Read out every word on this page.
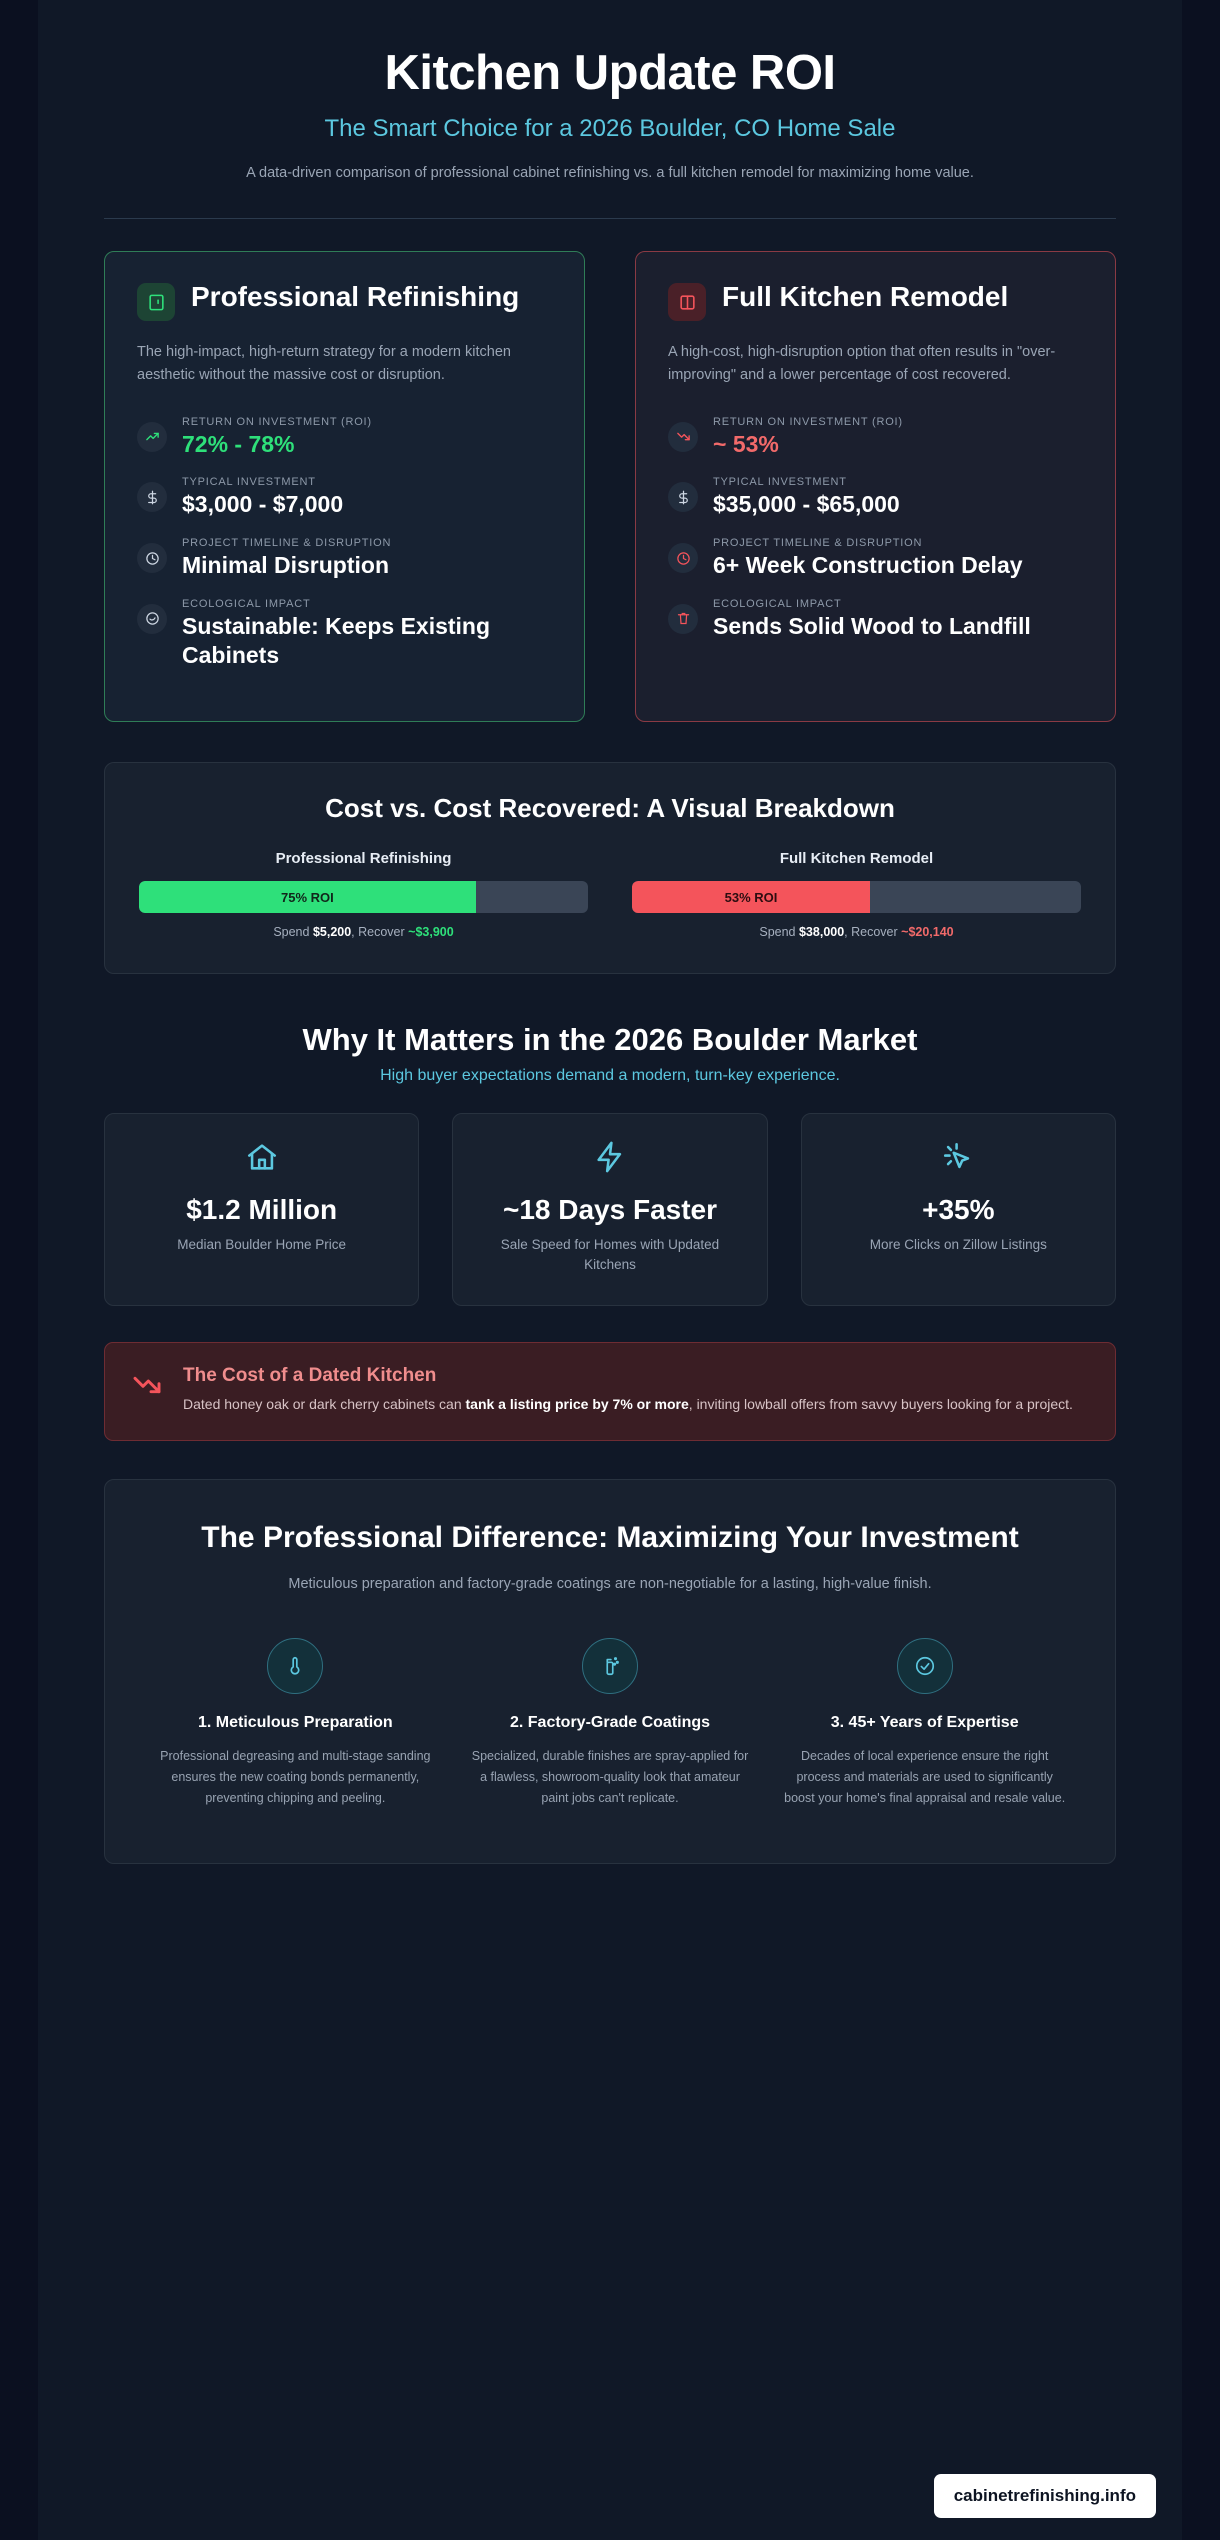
Kitchen Update ROI
The Smart Choice for a 2026 Boulder, CO Home Sale

A data-driven comparison of professional cabinet refinishing vs. a full kitchen remodel for maximizing home value.

Professional Refinishing
The high-impact, high-return strategy for a modern kitchen aesthetic without the massive cost or disruption.
RETURN ON INVESTMENT (ROI)
72% - 78%
TYPICAL INVESTMENT
$3,000 - $7,000
PROJECT TIMELINE & DISRUPTION
Minimal Disruption
ECOLOGICAL IMPACT
Sustainable: Keeps Existing Cabinets
Full Kitchen Remodel
A high-cost, high-disruption option that often results in "over-improving" and a lower percentage of cost recovered.
RETURN ON INVESTMENT (ROI)
~ 53%
TYPICAL INVESTMENT
$35,000 - $65,000
PROJECT TIMELINE & DISRUPTION
6+ Week Construction Delay
ECOLOGICAL IMPACT
Sends Solid Wood to Landfill
Cost vs. Cost Recovered: A Visual Breakdown
Professional Refinishing
75% ROI
Spend $5,200, Recover ~$3,900
Full Kitchen Remodel
53% ROI
Spend $38,000, Recover ~$20,140
Why It Matters in the 2026 Boulder Market

High buyer expectations demand a modern, turn-key experience.

$1.2 Million
Median Boulder Home Price
~18 Days Faster
Sale Speed for Homes with Updated Kitchens
+35%
More Clicks on Zillow Listings
The Cost of a Dated Kitchen
Dated honey oak or dark cherry cabinets can tank a listing price by 7% or more, inviting lowball offers from savvy buyers looking for a project.
The Professional Difference: Maximizing Your Investment

Meticulous preparation and factory-grade coatings are non-negotiable for a lasting, high-value finish.

1. Meticulous Preparation
Professional degreasing and multi-stage sanding ensures the new coating bonds permanently, preventing chipping and peeling.
2. Factory-Grade Coatings
Specialized, durable finishes are spray-applied for a flawless, showroom-quality look that amateur paint jobs can't replicate.
3. 45+ Years of Expertise
Decades of local experience ensure the right process and materials are used to significantly boost your home's final appraisal and resale value.
cabinetrefinishing.info
